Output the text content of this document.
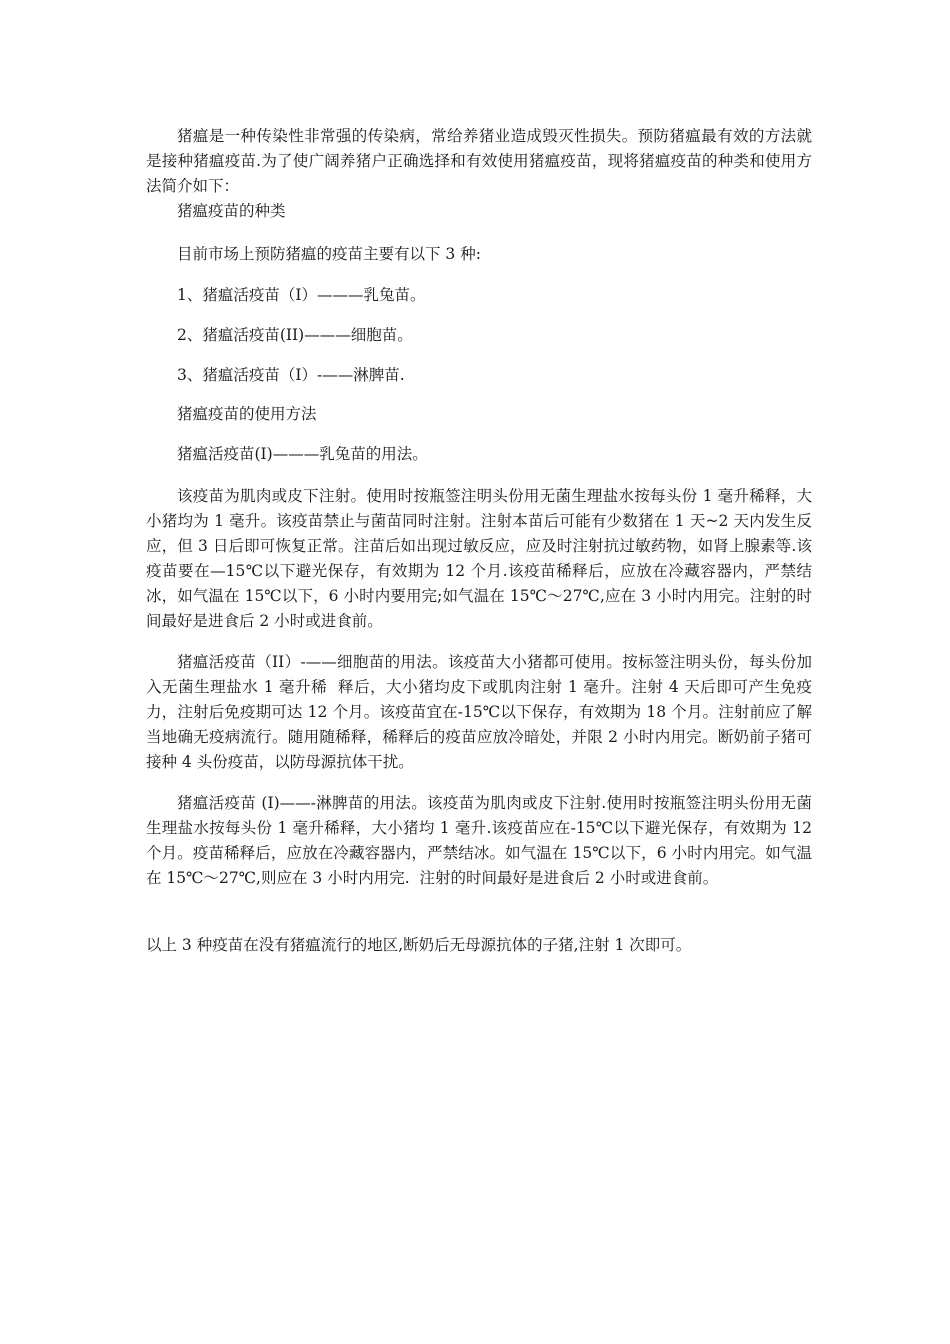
猪瘟是一种传染性非常强的传染病，常给养猪业造成毁灭性损失。预防猪瘟最有效的方法就是接种猪瘟疫苗.为了使广阔养猪户正确选择和有效使用猪瘟疫苗，现将猪瘟疫苗的种类和使用方法简介如下：

猪瘟疫苗的种类

目前市场上预防猪瘟的疫苗主要有以下 3 种:

1、猪瘟活疫苗（I）———乳兔苗。

2、猪瘟活疫苗(II)———细胞苗。

3、猪瘟活疫苗（I）-——淋脾苗.

猪瘟疫苗的使用方法

猪瘟活疫苗(I)———乳兔苗的用法。

该疫苗为肌肉或皮下注射。使用时按瓶签注明头份用无菌生理盐水按每头份 1 毫升稀释，大小猪均为 1 毫升。该疫苗禁止与菌苗同时注射。注射本苗后可能有少数猪在 1 天~2 天内发生反应，但 3 日后即可恢复正常。注苗后如出现过敏反应，应及时注射抗过敏药物，如肾上腺素等.该疫苗要在—15℃以下避光保存，有效期为 12 个月.该疫苗稀释后，应放在冷藏容器内，严禁结冰，如气温在 15℃以下，6 小时内要用完;如气温在 15℃～27℃,应在 3 小时内用完。注射的时间最好是进食后 2 小时或进食前。

猪瘟活疫苗（II）-——细胞苗的用法。该疫苗大小猪都可使用。按标签注明头份，每头份加入无菌生理盐水 1 毫升稀  释后，大小猪均皮下或肌肉注射 1 毫升。注射 4 天后即可产生免疫力，注射后免疫期可达 12 个月。该疫苗宜在-15℃以下保存，有效期为 18 个月。注射前应了解当地确无疫病流行。随用随稀释，稀释后的疫苗应放冷暗处，并限 2 小时内用完。断奶前子猪可接种 4 头份疫苗，以防母源抗体干扰。

猪瘟活疫苗 (I)——-淋脾苗的用法。该疫苗为肌肉或皮下注射.使用时按瓶签注明头份用无菌生理盐水按每头份 1 毫升稀释，大小猪均 1 毫升.该疫苗应在-15℃以下避光保存，有效期为 12 个月。疫苗稀释后，应放在冷藏容器内，严禁结冰。如气温在 15℃以下，6 小时内用完。如气温在 15℃～27℃,则应在 3 小时内用完.  注射的时间最好是进食后 2 小时或进食前。

以上 3 种疫苗在没有猪瘟流行的地区,断奶后无母源抗体的子猪,注射 1 次即可。
